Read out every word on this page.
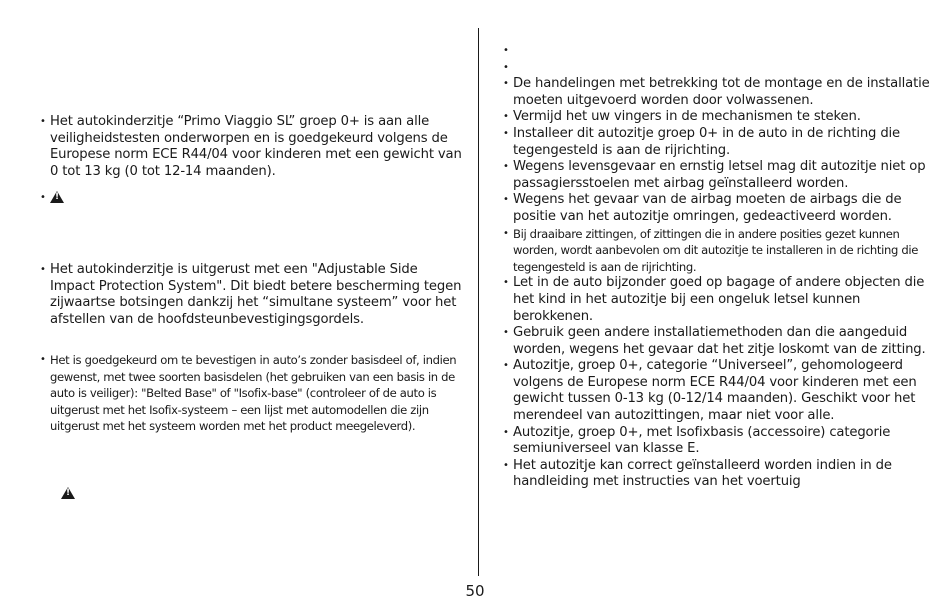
• Het autokinderzitje “Primo Viaggio SL” groep 0+ is aan alle veiligheidstesten onderworpen en is goedgekeurd volgens de Europese norm ECE R44/04 voor kinderen met een gewicht van 0 tot 13 kg (0 tot 12-14 maanden).
• !
• Het autokinderzitje is uitgerust met een "Adjustable Side Impact Protection System". Dit biedt betere bescherming tegen zijwaartse botsingen dankzij het “simultane systeem” voor het afstellen van de hoofdsteunbevestigingsgordels.
• Het is goedgekeurd om te bevestigen in auto’s zonder basisdeel of, indien gewenst, met twee soorten basisdelen (het gebruiken van een basis in de auto is veiliger): "Belted Base" of "Isofix-base" (controleer of de auto is uitgerust met het Isofix-systeem – een lijst met automodellen die zijn uitgerust met het systeem worden met het product meegeleverd).
!
•
•
• De handelingen met betrekking tot de montage en de installatie moeten uitgevoerd worden door volwassenen.
• Vermijd het uw vingers in de mechanismen te steken.
• Installeer dit autozitje groep 0+ in de auto in de richting die tegengesteld is aan de rijrichting.
• Wegens levensgevaar en ernstig letsel mag dit autozitje niet op passagiersstoelen met airbag geïnstalleerd worden.
• Wegens het gevaar van de airbag moeten de airbags die de positie van het autozitje omringen, gedeactiveerd worden.
• Bij draaibare zittingen, of zittingen die in andere posities gezet kunnen worden, wordt aanbevolen om dit autozitje te installeren in de richting die tegengesteld is aan de rijrichting.
• Let in de auto bijzonder goed op bagage of andere objecten die het kind in het autozitje bij een ongeluk letsel kunnen berokkenen.
• Gebruik geen andere installatiemethoden dan die aangeduid worden, wegens het gevaar dat het zitje loskomt van de zitting.
• Autozitje, groep 0+, categorie “Universeel”, gehomologeerd volgens de Europese norm ECE R44/04 voor kinderen met een gewicht tussen 0-13 kg (0-12/14 maanden). Geschikt voor het merendeel van autozittingen, maar niet voor alle.
• Autozitje, groep 0+, met Isofixbasis (accessoire) categorie semiuniverseel van klasse E.
• Het autozitje kan correct geïnstalleerd worden indien in de handleiding met instructies van het voertuig
50
